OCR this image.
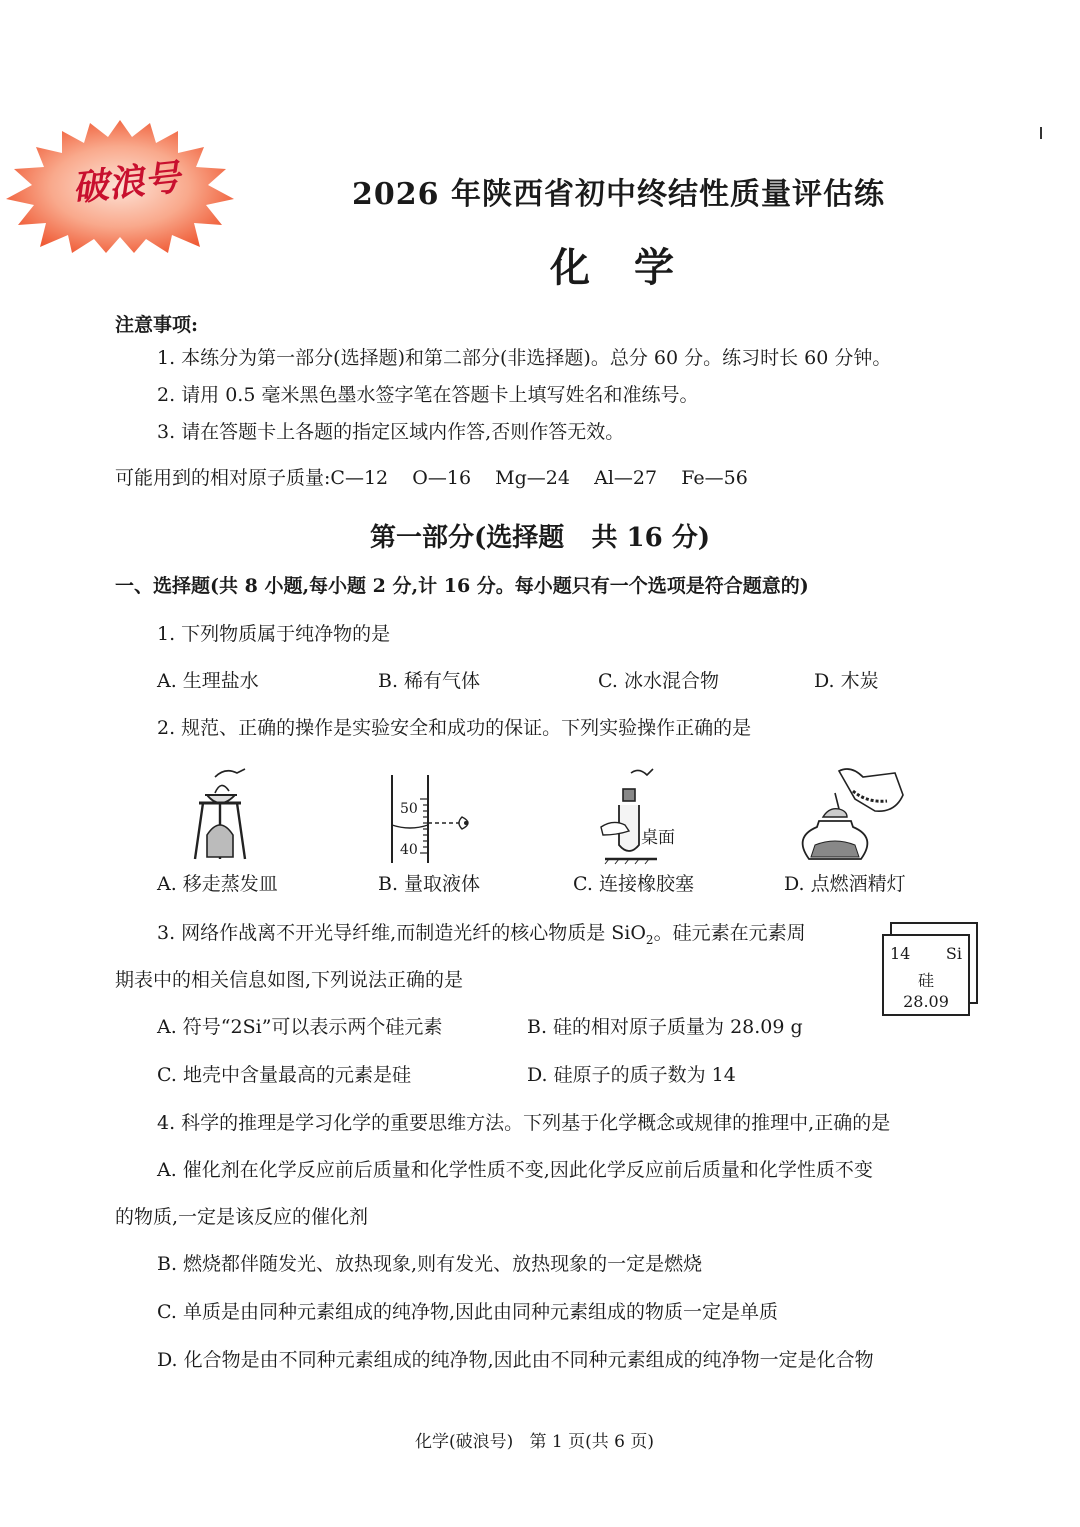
破浪号	2026 年陕西省初中终结性质量评估练
化学
注意事项:
1. 本练分为第一部分(选择题)和第二部分(非选择题)。总分 60 分。练习时长 60 分钟。
2. 请用 0.5 毫米黑色墨水签字笔在答题卡上填写姓名和准练号。
3. 请在答题卡上各题的指定区域内作答,否则作答无效。
可能用到的相对原子质量:C—12    O—16    Mg—24    Al—27    Fe—56
第一部分(选择题   共 16 分)
一、选择题(共 8 小题,每小题 2 分,计 16 分。每小题只有一个选项是符合题意的)
1. 下列物质属于纯净物的是
A. 生理盐水	B. 稀有气体	C. 冰水混合物	D. 木炭
2. 规范、正确的操作是实验安全和成功的保证。下列实验操作正确的是
50
40
桌面
A. 移走蒸发皿	B. 量取液体	C. 连接橡胶塞	D. 点燃酒精灯
3. 网络作战离不开光导纤维,而制造光纤的核心物质是 SiO$_2$。硅元素在元素周
期表中的相关信息如图,下列说法正确的是
14 Si
硅
28.09
A. 符号“2Si”可以表示两个硅元素	B. 硅的相对原子质量为 28.09 g
C. 地壳中含量最高的元素是硅	D. 硅原子的质子数为 14
4. 科学的推理是学习化学的重要思维方法。下列基于化学概念或规律的推理中,正确的是
A. 催化剂在化学反应前后质量和化学性质不变,因此化学反应前后质量和化学性质不变
的物质,一定是该反应的催化剂
B. 燃烧都伴随发光、放热现象,则有发光、放热现象的一定是燃烧
C. 单质是由同种元素组成的纯净物,因此由同种元素组成的物质一定是单质
D. 化合物是由不同种元素组成的纯净物,因此由不同种元素组成的纯净物一定是化合物
化学(破浪号)   第 1 页(共 6 页)
